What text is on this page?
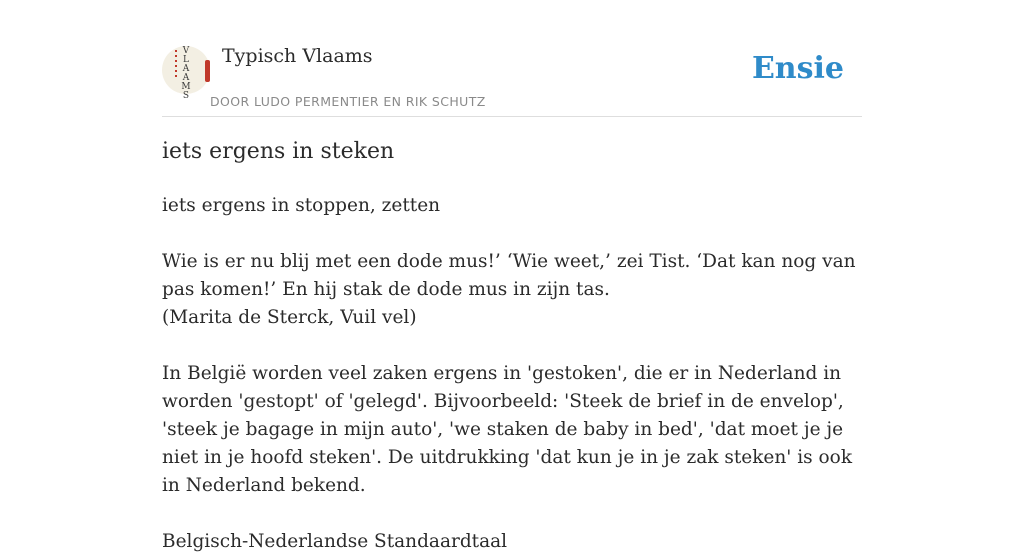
V
L
A
A
M
S
Typisch Vlaams
DOOR LUDO PERMENTIER EN RIK SCHUTZ
Ensie
iets ergens in steken

iets ergens in stoppen, zetten

Wie is er nu blij met een dode mus!’ ‘Wie weet,’ zei Tist. ‘Dat kan nog van pas komen!’ En hij stak de dode mus in zijn tas.

(Marita de Sterck, Vuil vel)

In België worden veel zaken ergens in 'gestoken', die er in Nederland in worden 'gestopt' of 'gelegd'. Bijvoorbeeld: 'Steek de brief in de envelop', 'steek je bagage in mijn auto', 'we staken de baby in bed', 'dat moet je je niet in je hoofd steken'. De uitdrukking 'dat kun je in je zak steken' is ook in Nederland bekend.

Belgisch-Nederlandse Standaardtaal
